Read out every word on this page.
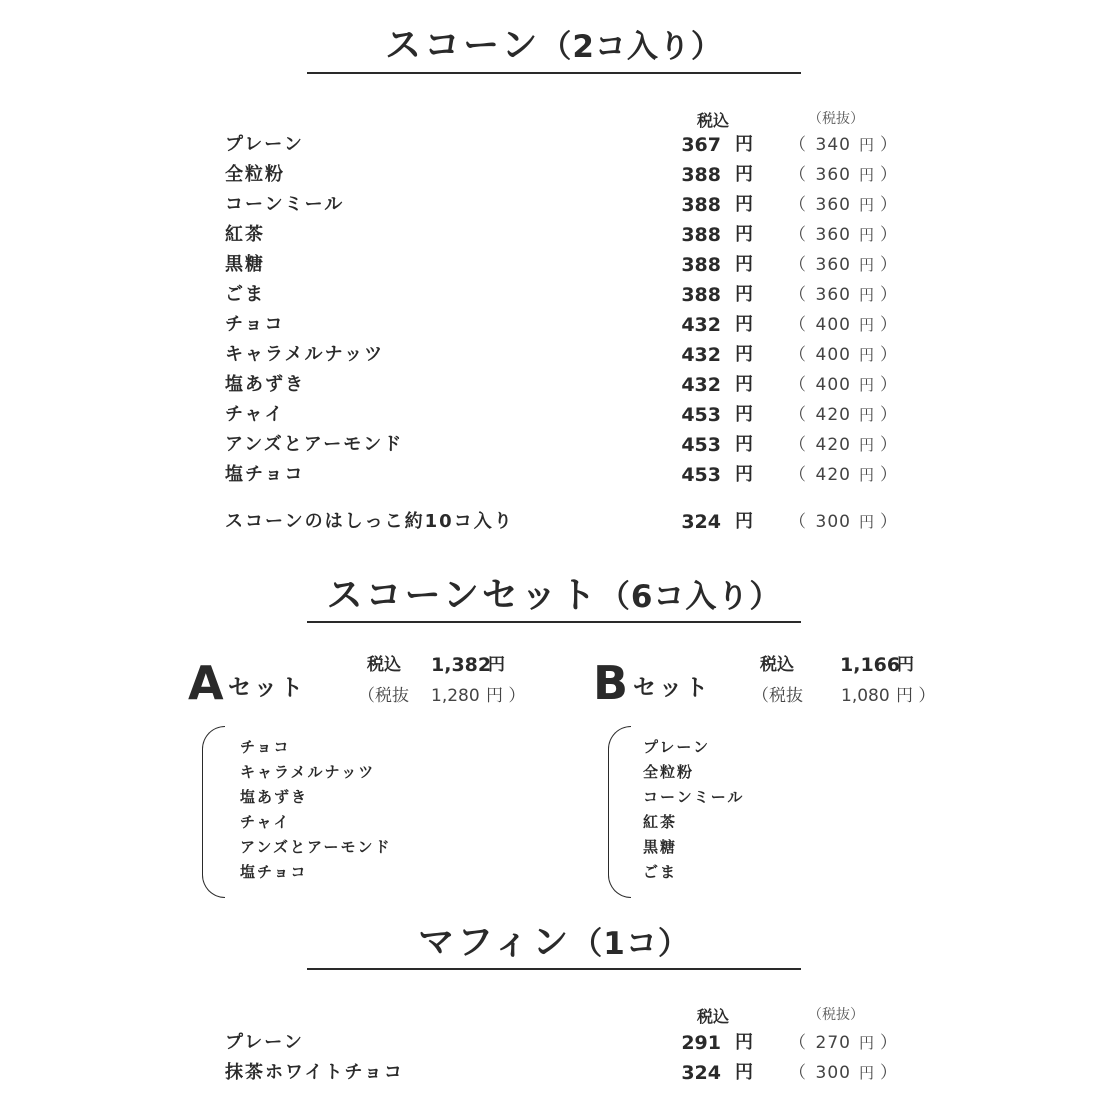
スコーン（2コ入り）
税込	（税抜）
プレーン	367 円 （ 340 円 ）
全粒粉	388 円 （ 360 円 ）
コーンミール	388 円 （ 360 円 ）
紅茶	388 円 （ 360 円 ）
黒糖	388 円 （ 360 円 ）
ごま	388 円 （ 360 円 ）
チョコ	432 円 （ 400 円 ）
キャラメルナッツ	432 円 （ 400 円 ）
塩あずき	432 円 （ 400 円 ）
チャイ	453 円 （ 420 円 ）
アンズとアーモンド	453 円 （ 420 円 ）
塩チョコ	453 円 （ 420 円 ）
スコーンのはしっこ約10コ入り	324 円 （ 300 円 ）
スコーンセット（6コ入り）
A セット
税込 1,382
円
（税抜 1,280 円 ）
チョコ
キャラメルナッツ
塩あずき
チャイ
アンズとアーモンド
塩チョコ
B セット
税込 1,166
円
（税抜 1,080 円 ）
プレーン
全粒粉
コーンミール
紅茶
黒糖
ごま
マフィン（1コ）
税込	（税抜）
プレーン	291 円 （ 270 円 ）
抹茶ホワイトチョコ	324 円 （ 300 円 ）
